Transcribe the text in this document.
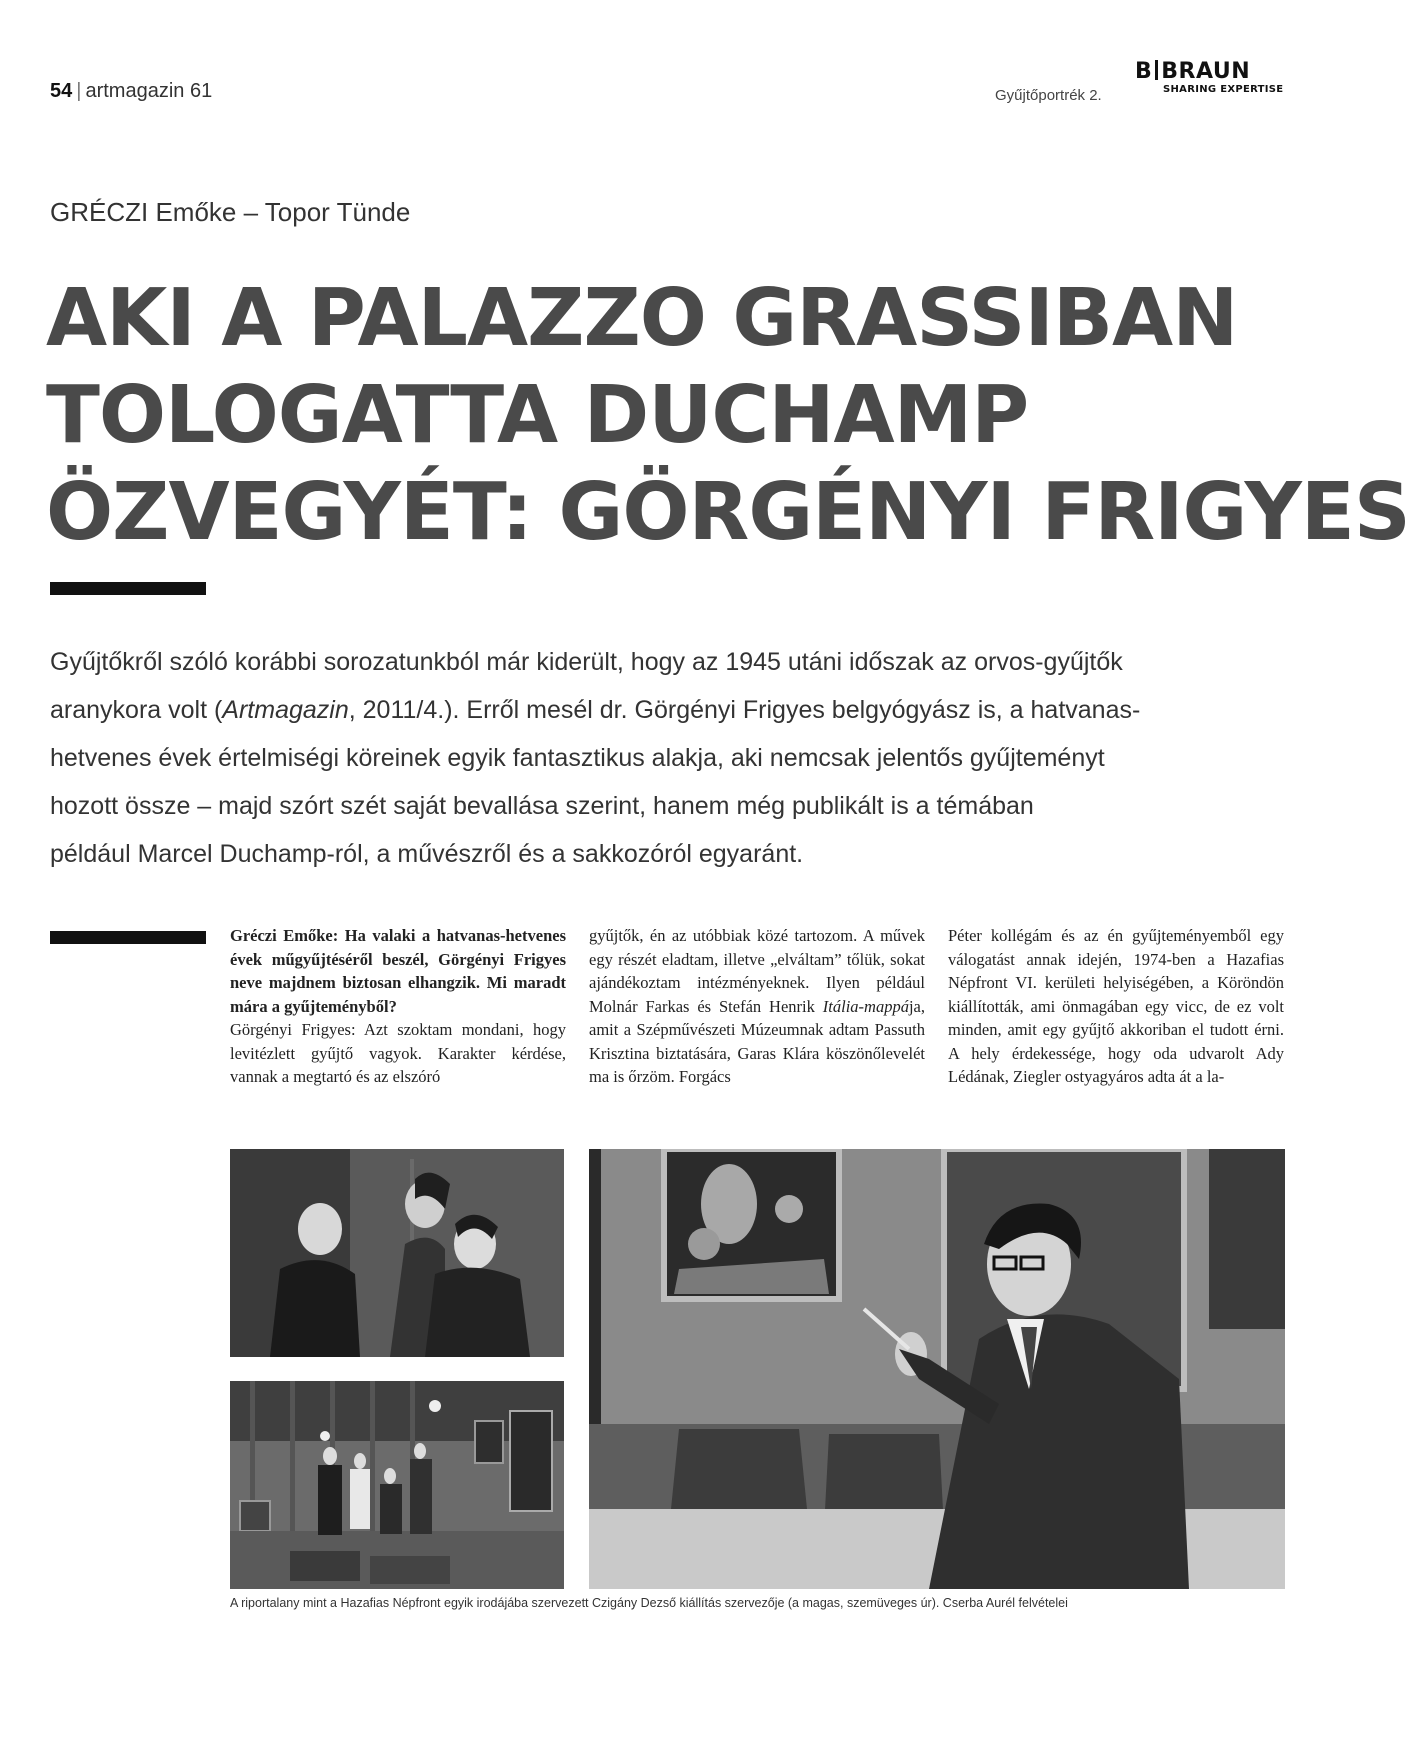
54 | artmagazin 61	Gyűjtőportrék 2.
B BRAUN
SHARING EXPERTISE
GRÉCZI Emőke – Topor Tünde
AKI A PALAZZO GRASSIBAN
TOLOGATTA DUCHAMP
ÖZVEGYÉT: GÖRGÉNYI FRIGYES
Gyűjtőkről szóló korábbi sorozatunkból már kiderült, hogy az 1945 utáni időszak az orvos-gyűjtők
aranykora volt (Artmagazin, 2011/4.). Erről mesél dr. Görgényi Frigyes belgyógyász is, a hatvanas-
hetvenes évek értelmiségi köreinek egyik fantasztikus alakja, aki nemcsak jelentős gyűjteményt
hozott össze – majd szórt szét saját bevallása szerint, hanem még publikált is a témában
például Marcel Duchamp-ról, a művészről és a sakkozóról egyaránt.

Gréczi Emőke: Ha valaki a hatvanas-hetvenes évek műgyűjtéséről beszél, Görgényi Frigyes neve majdnem biztosan elhangzik. Mi maradt mára a gyűjteményből?

Görgényi Frigyes: Azt szoktam mondani, hogy levitézlett gyűjtő vagyok. Karakter kérdése, vannak a megtartó és az elszóró

gyűjtők, én az utóbbiak közé tartozom. A művek egy részét eladtam, illetve „elváltam” tőlük, sokat ajándékoztam intézményeknek. Ilyen például Molnár Farkas és Stefán Henrik Itália-mappája, amit a Szépművészeti Múzeumnak adtam Passuth Krisztina biztatására, Garas Klára köszönőlevelét ma is őrzöm. Forgács

Péter kollégám és az én gyűjteményemből egy válogatást annak idején, 1974-ben a Hazafias Népfront VI. kerületi helyiségében, a Köröndön kiállították, ami önmagában egy vicc, de ez volt minden, amit egy gyűjtő akkoriban el tudott érni. A hely érdekessége, hogy oda udvarolt Ady Lédának, Ziegler ostyagyáros adta át a la-

A riportalany mint a Hazafias Népfront egyik irodájába szervezett Czigány Dezső kiállítás szervezője (a magas, szemüveges úr). Cserba Aurél felvételei
